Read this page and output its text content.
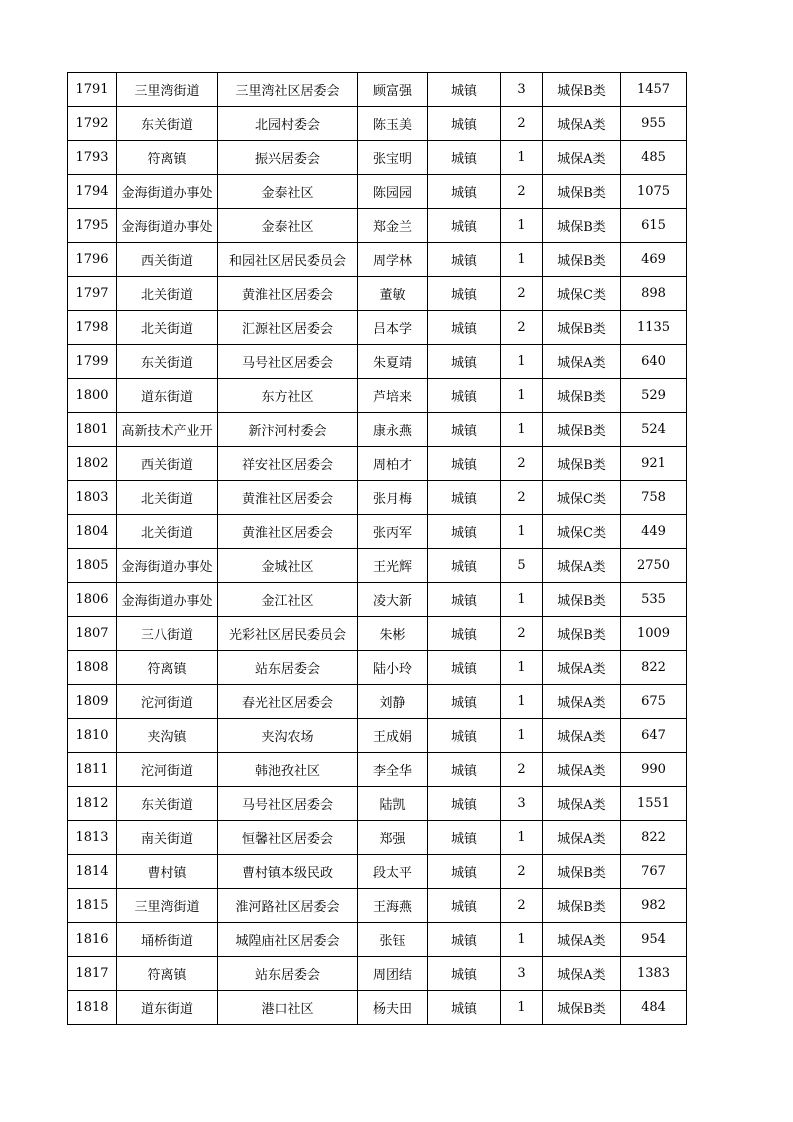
1791	三里湾街道	三里湾社区居委会	顾富强	城镇	3	城保B类	1457
1792	东关街道	北园村委会	陈玉美	城镇	2	城保A类	955
1793	符离镇	振兴居委会	张宝明	城镇	1	城保A类	485
1794	金海街道办事处	金泰社区	陈园园	城镇	2	城保B类	1075
1795	金海街道办事处	金泰社区	郑金兰	城镇	1	城保B类	615
1796	西关街道	和园社区居民委员会	周学林	城镇	1	城保B类	469
1797	北关街道	黄淮社区居委会	董敏	城镇	2	城保C类	898
1798	北关街道	汇源社区居委会	吕本学	城镇	2	城保B类	1135
1799	东关街道	马号社区居委会	朱夏靖	城镇	1	城保A类	640
1800	道东街道	东方社区	芦培来	城镇	1	城保B类	529
1801	高新技术产业开	新汴河村委会	康永燕	城镇	1	城保B类	524
1802	西关街道	祥安社区居委会	周柏才	城镇	2	城保B类	921
1803	北关街道	黄淮社区居委会	张月梅	城镇	2	城保C类	758
1804	北关街道	黄淮社区居委会	张丙军	城镇	1	城保C类	449
1805	金海街道办事处	金城社区	王光辉	城镇	5	城保A类	2750
1806	金海街道办事处	金江社区	凌大新	城镇	1	城保B类	535
1807	三八街道	光彩社区居民委员会	朱彬	城镇	2	城保B类	1009
1808	符离镇	站东居委会	陆小玲	城镇	1	城保A类	822
1809	沱河街道	春光社区居委会	刘静	城镇	1	城保A类	675
1810	夹沟镇	夹沟农场	王成娟	城镇	1	城保A类	647
1811	沱河街道	韩池孜社区	李全华	城镇	2	城保A类	990
1812	东关街道	马号社区居委会	陆凯	城镇	3	城保A类	1551
1813	南关街道	恒馨社区居委会	郑强	城镇	1	城保A类	822
1814	曹村镇	曹村镇本级民政	段太平	城镇	2	城保B类	767
1815	三里湾街道	淮河路社区居委会	王海燕	城镇	2	城保B类	982
1816	埇桥街道	城隍庙社区居委会	张钰	城镇	1	城保A类	954
1817	符离镇	站东居委会	周团结	城镇	3	城保A类	1383
1818	道东街道	港口社区	杨夫田	城镇	1	城保B类	484
